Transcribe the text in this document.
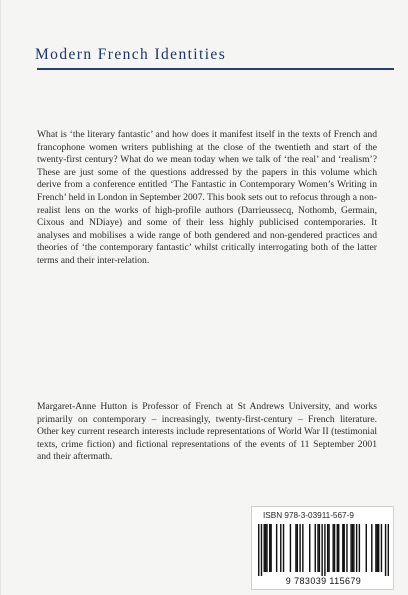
Modern French Identities

What is ‘the literary fantastic’ and how does it manifest itself in the texts of French and francophone women writers publishing at the close of the twentieth and start of the twenty-first century? What do we mean today when we talk of ‘the real’ and ‘realism’? These are just some of the questions addressed by the papers in this volume which derive from a conference entitled ‘The Fantastic in Contemporary Women’s Writing in French’ held in London in September 2007. This book sets out to refocus through a non-realist lens on the works of high-profile authors (Darrieussecq, Nothomb, Germain, Cixous and NDiaye) and some of their less highly publicised contemporaries. It analyses and mobilises a wide range of both gendered and non-gendered practices and theories of ‘the contemporary fantastic’ whilst critically interrogating both of the latter terms and their inter-relation.

Margaret-Anne Hutton is Professor of French at St Andrews University, and works primarily on contemporary – increasingly, twenty-first-century – French literature. Other key current research interests include representations of World War II (testimonial texts, crime fiction) and fictional representations of the events of 11 September 2001 and their aftermath.

ISBN 978-3-03911-567-9
9 783039 115679
